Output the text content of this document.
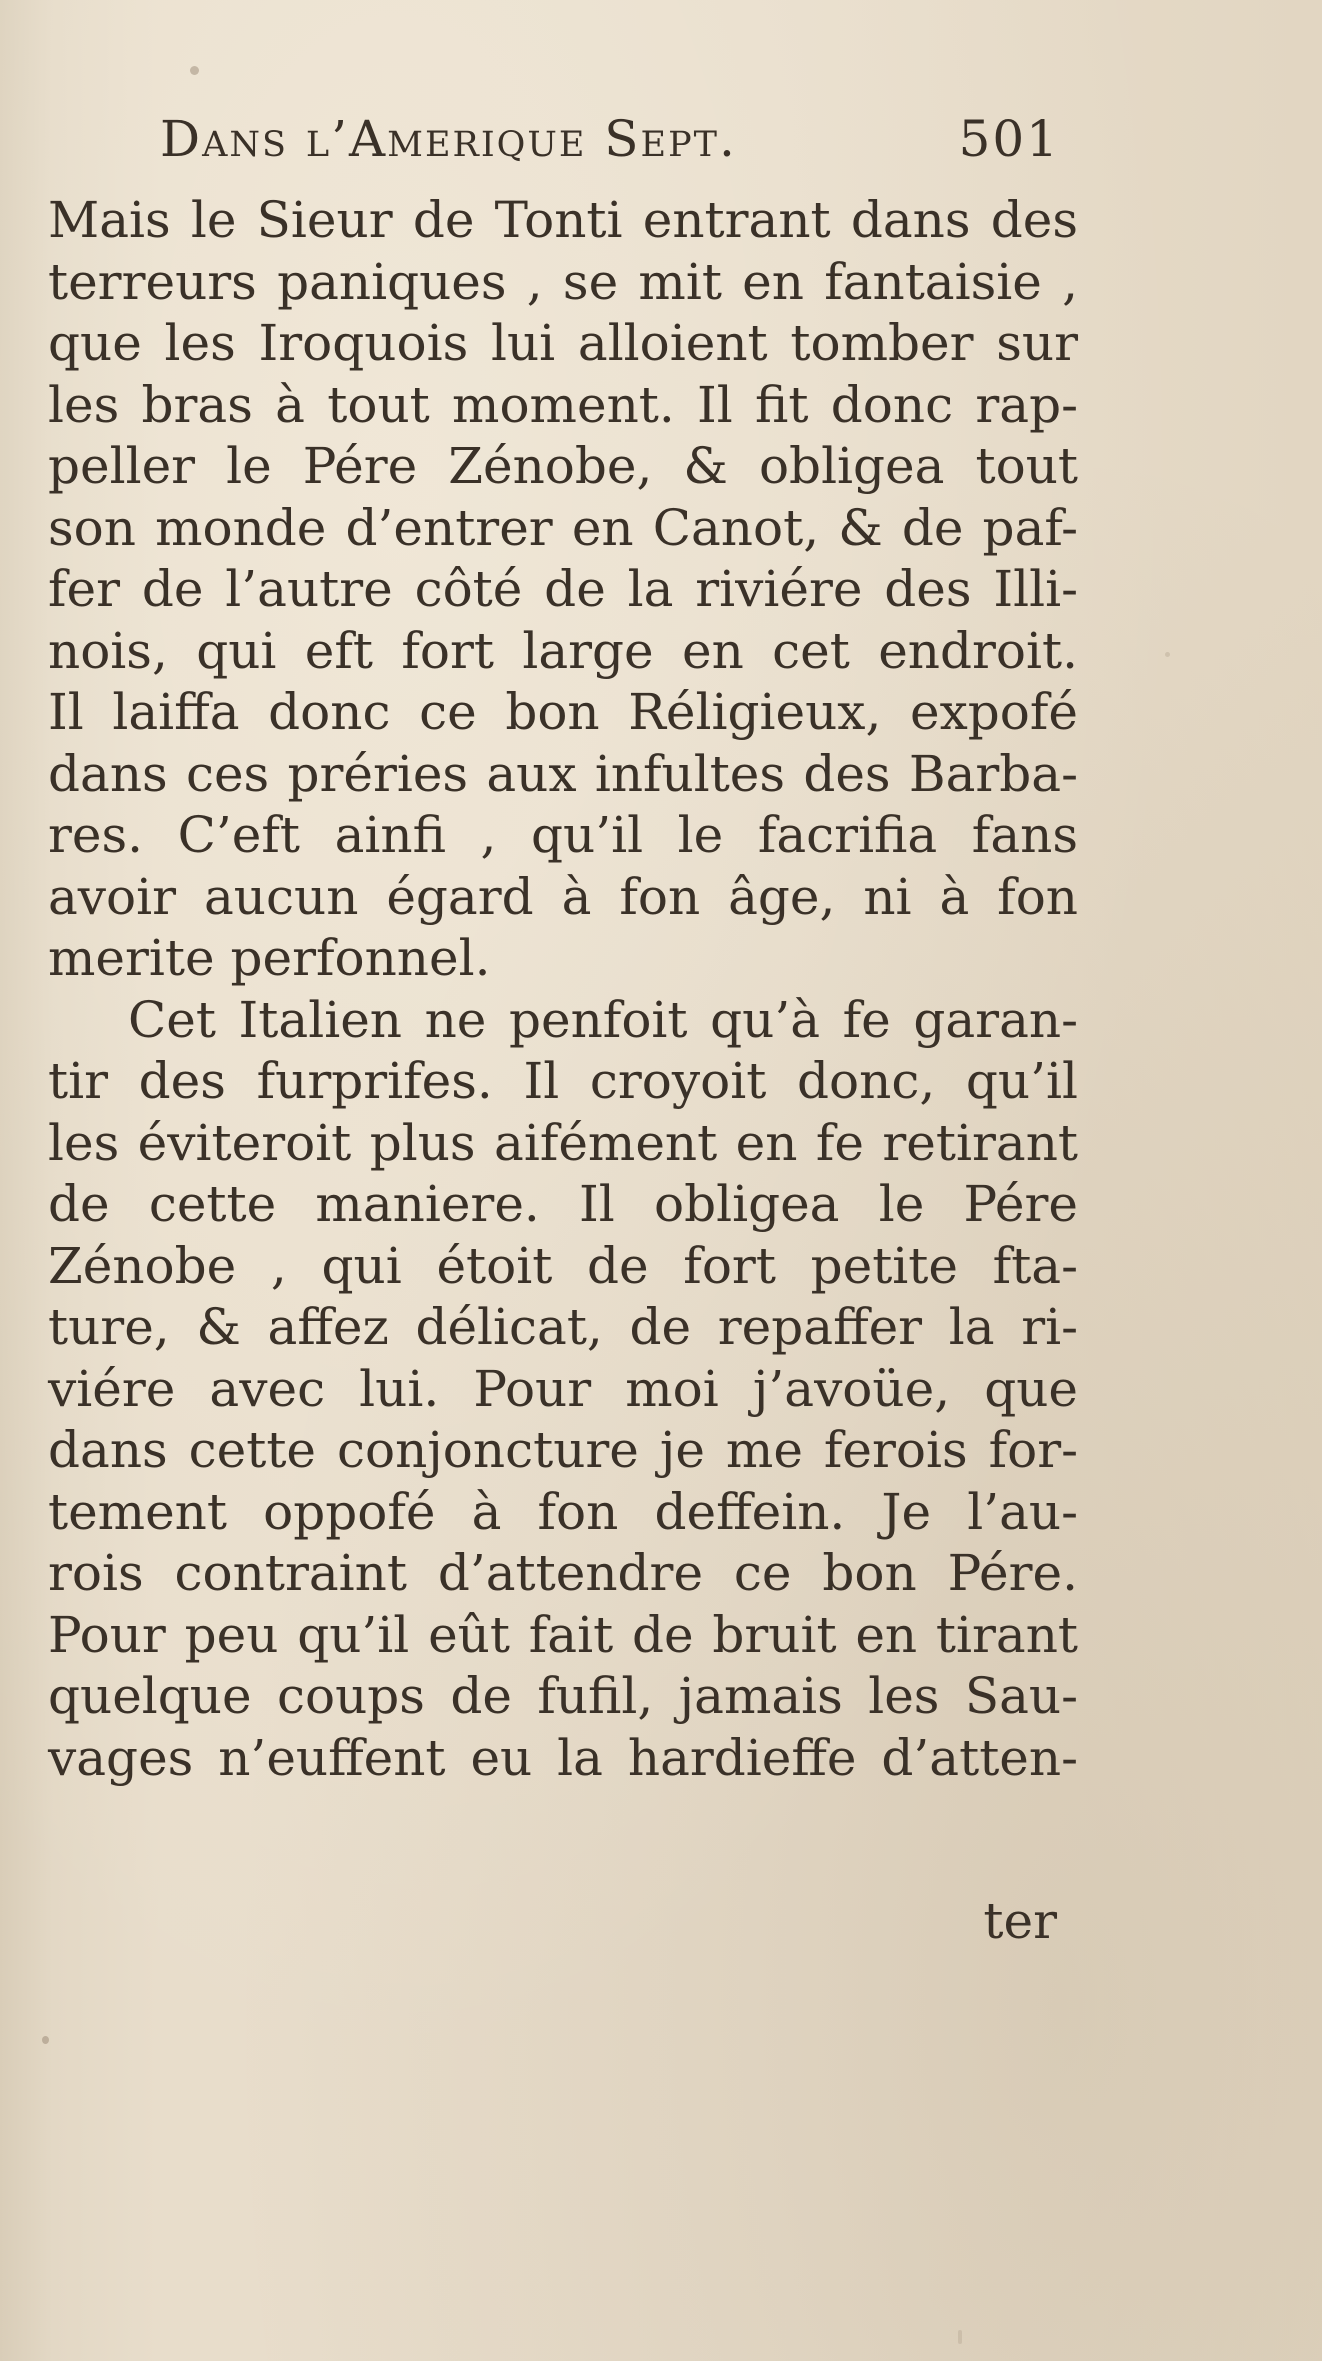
Dans l’Amerique Sept.	501
Mais le Sieur de Tonti entrant dans des
terreurs paniques , se mit en fantaisie ,
que les Iroquois lui alloient tomber sur
les bras à tout moment. Il fit donc rap-
peller le Pére Zénobe, & obligea tout
son monde d’entrer en Canot, & de paf-
fer de l’autre côté de la riviére des Illi-
nois, qui eft fort large en cet endroit.
Il laiffa donc ce bon Réligieux, expofé
dans ces préries aux infultes des Barba-
res. C’eft ainfi , qu’il le facrifia fans
avoir aucun égard à fon âge, ni à fon
merite perfonnel.
Cet Italien ne penfoit qu’à fe garan-
tir des furprifes. Il croyoit donc, qu’il
les éviteroit plus aifément en fe retirant
de cette maniere. Il obligea le Pére
Zénobe , qui étoit de fort petite fta-
ture, & affez délicat, de repaffer la ri-
viére avec lui. Pour moi j’avoüe, que
dans cette conjoncture je me ferois for-
tement oppofé à fon deffein. Je l’au-
rois contraint d’attendre ce bon Pére.
Pour peu qu’il eût fait de bruit en tirant
quelque coups de fufil, jamais les Sau-
vages n’euffent eu la hardieffe d’atten-
ter
